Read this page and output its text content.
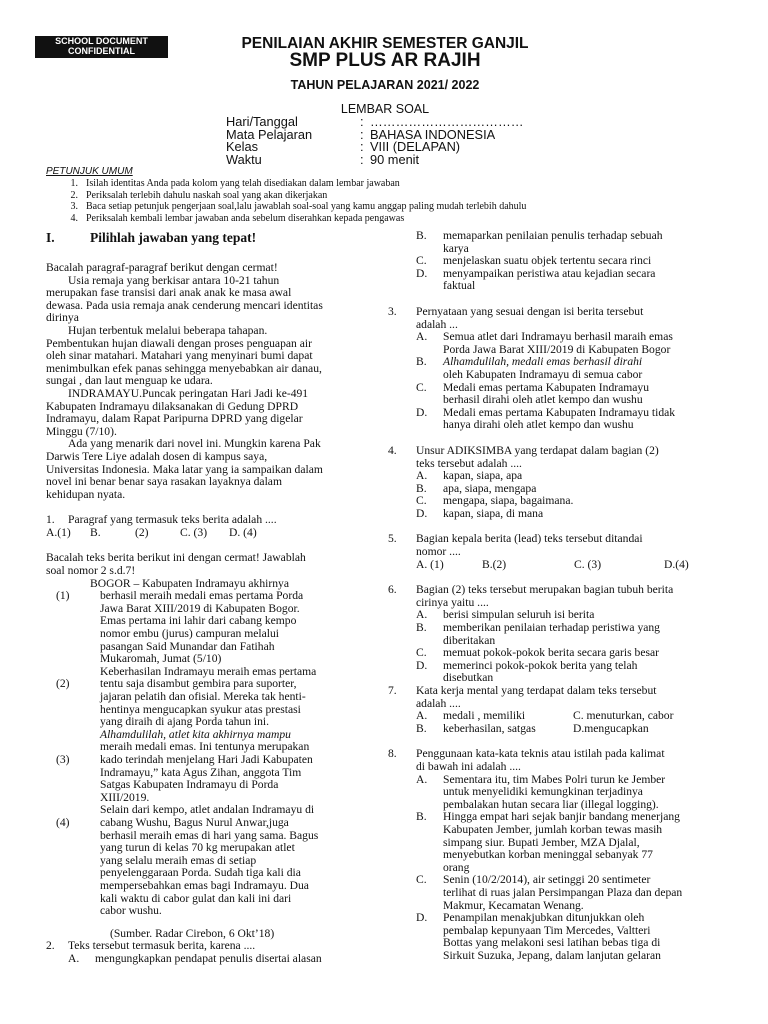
SCHOOL DOCUMENT
CONFIDENTIAL	PENILAIAN AKHIR SEMESTER GANJIL
SMP PLUS AR RAJIH
TAHUN PELAJARAN 2021/ 2022
LEMBAR SOAL
Hari/Tanggal	: ………………………………
Mata Pelajaran	: BAHASA INDONESIA
Kelas	: VIII (DELAPAN)
Waktu	: 90 menit
PETUNJUK UMUM
1. Isilah identitas Anda pada kolom yang telah disediakan dalam lembar jawaban
2. Periksalah terlebih dahulu naskah soal yang akan dikerjakan
3. Baca setiap petunjuk pengerjaan soal,lalu jawablah soal-soal yang kamu anggap paling mudah terlebih dahulu
4. Periksalah kembali lembar jawaban anda sebelum diserahkan kepada pengawas
I.	Pilihlah jawaban yang tepat!
Bacalah paragraf-paragraf berikut dengan cermat!
Usia remaja yang berkisar antara 10-21 tahun
merupakan fase transisi dari anak anak ke masa awal
dewasa. Pada usia remaja anak cenderung mencari identitas
dirinya
Hujan terbentuk melalui beberapa tahapan.
Pembentukan hujan diawali dengan proses penguapan air
oleh sinar matahari. Matahari yang menyinari bumi dapat
menimbulkan efek panas sehingga menyebabkan air danau,
sungai , dan laut menguap ke udara.
INDRAMAYU.Puncak peringatan Hari Jadi ke-491
Kabupaten Indramayu dilaksanakan di Gedung DPRD
Indramayu, dalam Rapat Paripurna DPRD yang digelar
Minggu (7/10).
Ada yang menarik dari novel ini. Mungkin karena Pak
Darwis Tere Liye adalah dosen di kampus saya,
Universitas Indonesia. Maka latar yang ia sampaikan dalam
novel ini benar benar saya rasakan layaknya dalam
kehidupan nyata.
1.	Paragraf yang termasuk teks berita adalah ....
A.(1)	B.	(2)	C. (3)	D. (4)
Bacalah teks berita berikut ini dengan cermat! Jawablah
soal nomor 2 s.d.7!
(1)
BOGOR – Kabupaten Indramayu akhirnya
berhasil meraih medali emas pertama Porda
Jawa Barat XIII/2019 di Kabupaten Bogor.
Emas pertama ini lahir dari cabang kempo
nomor embu (jurus) campuran melalui
pasangan Said Munandar dan Fatihah
Mukaromah, Jumat (5/10)
(2)
Keberhasilan Indramayu meraih emas pertama
tentu saja disambut gembira para suporter,
jajaran pelatih dan ofisial. Mereka tak henti-
hentinya mengucapkan syukur atas prestasi
yang diraih di ajang Porda tahun ini.
(3)
Alhamdulilah, atlet kita akhirnya mampu
meraih medali emas. Ini tentunya merupakan
kado terindah menjelang Hari Jadi Kabupaten
Indramayu,” kata Agus Zihan, anggota Tim
Satgas Kabupaten Indramayu di Porda
XIII/2019.
(4)
Selain dari kempo, atlet andalan Indramayu di
cabang Wushu, Bagus Nurul Anwar,juga
berhasil meraih emas di hari yang sama. Bagus
yang turun di kelas 70 kg merupakan atlet
yang selalu meraih emas di setiap
penyelenggaraan Porda. Sudah tiga kali dia
mempersebahkan emas bagi Indramayu. Dua
kali waktu di cabor gulat dan kali ini dari
cabor wushu.
(Sumber. Radar Cirebon, 6 Okt’18)
2.	Teks tersebut termasuk berita, karena ....
A.	mengungkapkan pendapat penulis disertai alasan
B.	memaparkan penilaian penulis terhadap sebuah
karya
C.	menjelaskan suatu objek tertentu secara rinci
D.	menyampaikan peristiwa atau kejadian secara
faktual
3.	Pernyataan yang sesuai dengan isi berita tersebut
adalah ...
A.	Semua atlet dari Indramayu berhasil maraih emas
Porda Jawa Barat XIII/2019 di Kabupaten Bogor
B.	Alhamdulilah, medali emas berhasil dirahi
oleh Kabupaten Indramayu di semua cabor
C.	Medali emas pertama Kabupaten Indramayu
berhasil dirahi oleh atlet kempo dan wushu
D.	Medali emas pertama Kabupaten Indramayu tidak
hanya dirahi oleh atlet kempo dan wushu
4.	Unsur ADIKSIMBA yang terdapat dalam bagian (2)
teks tersebut adalah ....
A.	kapan, siapa, apa
B.	apa, siapa, mengapa
C.	mengapa, siapa, bagaimana.
D.	kapan, siapa, di mana
5.	Bagian kepala berita (lead) teks tersebut ditandai
nomor ....
A. (1)	B.(2)	C. (3)	D.(4)
6.	Bagian (2) teks tersebut merupakan bagian tubuh berita
cirinya yaitu ....
A.	berisi simpulan seluruh isi berita
B.	memberikan penilaian terhadap peristiwa yang
diberitakan
C.	memuat pokok-pokok berita secara garis besar
D.	memerinci pokok-pokok berita yang telah
disebutkan
7.	Kata kerja mental yang terdapat dalam teks tersebut
adalah ....
A.	medali , memiliki	C. menuturkan, cabor
B.	keberhasilan, satgas	D.mengucapkan
8.	Penggunaan kata-kata teknis atau istilah pada kalimat
di bawah ini adalah ....
A.	Sementara itu, tim Mabes Polri turun ke Jember
untuk menyelidiki kemungkinan terjadinya
pembalakan hutan secara liar (illegal logging).
B.	Hingga empat hari sejak banjir bandang menerjang
Kabupaten Jember, jumlah korban tewas masih
simpang siur. Bupati Jember, MZA Djalal,
menyebutkan korban meninggal sebanyak 77
orang
C.	Senin (10/2/2014), air setinggi 20 sentimeter
terlihat di ruas jalan Persimpangan Plaza dan depan
Makmur, Kecamatan Wenang.
D.	Penampilan menakjubkan ditunjukkan oleh
pembalap kepunyaan Tim Mercedes, Valtteri
Bottas yang melakoni sesi latihan bebas tiga di
Sirkuit Suzuka, Jepang, dalam lanjutan gelaran
